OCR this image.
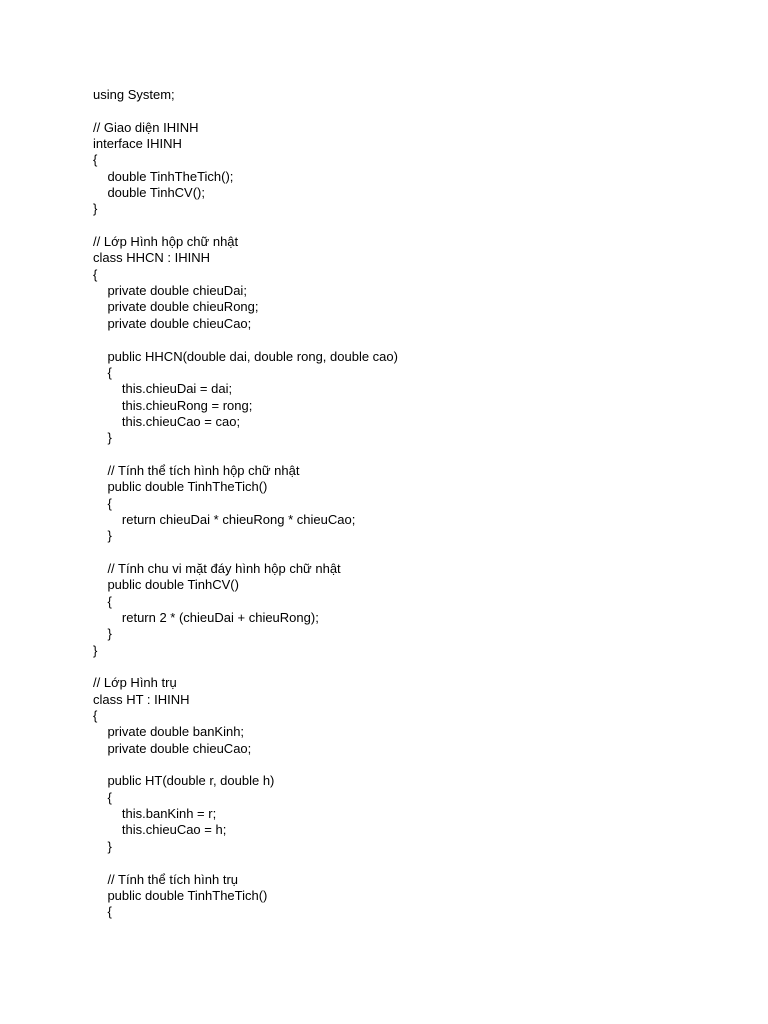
using System;
// Giao diện IHINH
interface IHINH
{
double TinhTheTich();
double TinhCV();
}
// Lớp Hình hộp chữ nhật
class HHCN : IHINH
{
private double chieuDai;
private double chieuRong;
private double chieuCao;
public HHCN(double dai, double rong, double cao)
{
this.chieuDai = dai;
this.chieuRong = rong;
this.chieuCao = cao;
}
// Tính thể tích hình hộp chữ nhật
public double TinhTheTich()
{
return chieuDai * chieuRong * chieuCao;
}
// Tính chu vi mặt đáy hình hộp chữ nhật
public double TinhCV()
{
return 2 * (chieuDai + chieuRong);
}
}
// Lớp Hình trụ
class HT : IHINH
{
private double banKinh;
private double chieuCao;
public HT(double r, double h)
{
this.banKinh = r;
this.chieuCao = h;
}
// Tính thể tích hình trụ
public double TinhTheTich()
{
